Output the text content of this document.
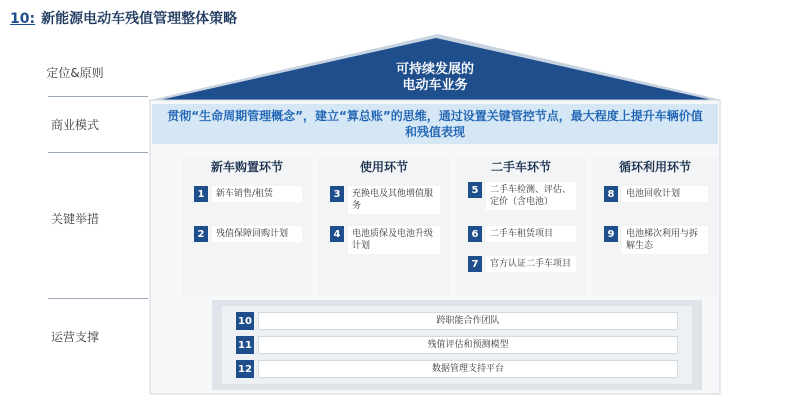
10: 新能源电动车残值管理整体策略
定位&原则
商业模式
关键举措
运营支撑
可持续发展的
电动车业务
贯彻“生命周期管理概念”，建立“算总账”的思维，通过设置关键管控节点，最大程度上提升车辆价值和残值表现
新车购置环节
1	新车销售/租赁
2	残值保障回购计划
使用环节
3	充换电及其他增值服务
4	电池质保及电池升级计划
二手车环节
5	二手车检测、评估、定价（含电池）
6	二手车租赁项目
7	官方认证二手车项目
循环利用环节
8	电池回收计划
9	电池梯次利用与拆解生态
10	跨职能合作团队
11	残值评估和预测模型
12	数据管理支持平台
